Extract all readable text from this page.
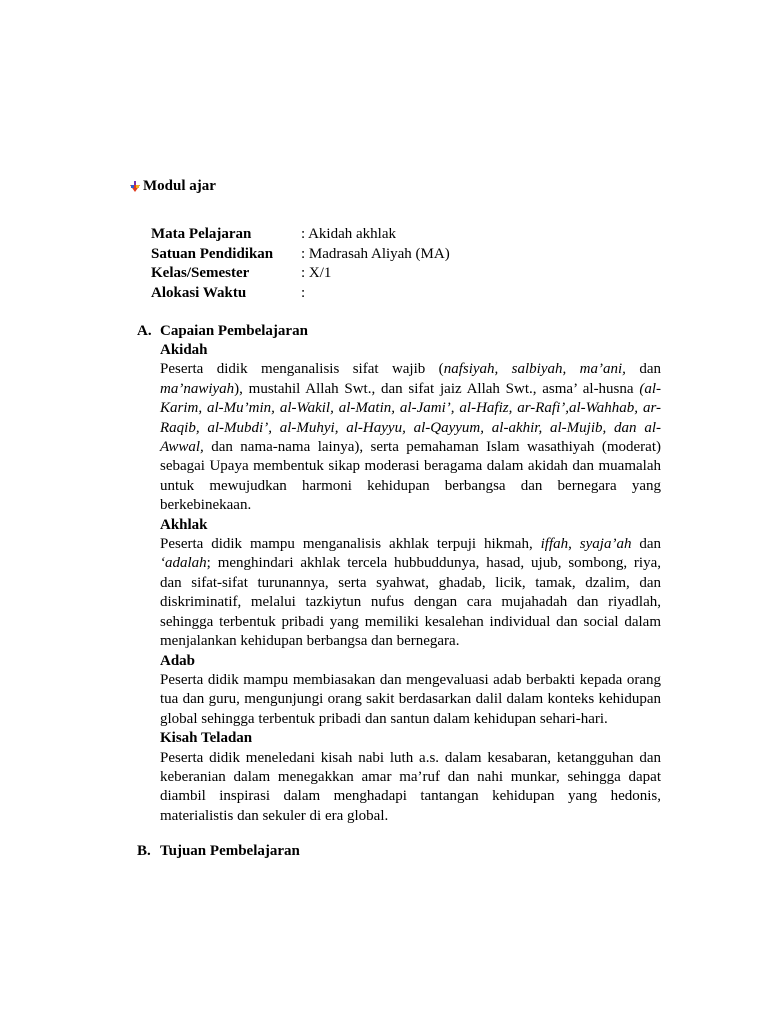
Modul ajar
Mata Pelajaran	: Akidah akhlak
Satuan Pendidikan	: Madrasah Aliyah (MA)
Kelas/Semester	: X/1
Alokasi Waktu	:
A. Capaian Pembelajaran
Akidah
Peserta didik menganalisis sifat wajib (nafsiyah, salbiyah, ma’ani, dan ma’nawiyah), mustahil Allah Swt., dan sifat jaiz Allah Swt., asma’ al-husna (al-Karim, al-Mu’min, al-Wakil, al-Matin, al-Jami’, al-Hafiz, ar-Rafi’,al-Wahhab, ar-Raqib, al-Mubdi’, al-Muhyi, al-Hayyu, al-Qayyum, al-akhir, al-Mujib, dan al-Awwal, dan nama-nama lainya), serta pemahaman Islam wasathiyah (moderat) sebagai Upaya membentuk sikap moderasi beragama dalam akidah dan muamalah untuk mewujudkan harmoni kehidupan berbangsa dan bernegara yang berkebinekaan.
Akhlak
Peserta didik mampu menganalisis akhlak terpuji hikmah, iffah, syaja’ah dan ‘adalah; menghindari akhlak tercela hubbuddunya, hasad, ujub, sombong, riya, dan sifat-sifat turunannya, serta syahwat, ghadab, licik, tamak, dzalim, dan diskriminatif, melalui tazkiytun nufus dengan cara mujahadah dan riyadlah, sehingga terbentuk pribadi yang memiliki kesalehan individual dan social dalam menjalankan kehidupan berbangsa dan bernegara.
Adab
Peserta didik mampu membiasakan dan mengevaluasi adab berbakti kepada orang tua dan guru, mengunjungi orang sakit berdasarkan dalil dalam konteks kehidupan global sehingga terbentuk pribadi dan santun dalam kehidupan sehari-hari.
Kisah Teladan
Peserta didik meneledani kisah nabi luth a.s. dalam kesabaran, ketangguhan dan keberanian dalam menegakkan amar ma’ruf dan nahi munkar, sehingga dapat diambil inspirasi dalam menghadapi tantangan kehidupan yang hedonis, materialistis dan sekuler di era global.
B. Tujuan Pembelajaran
